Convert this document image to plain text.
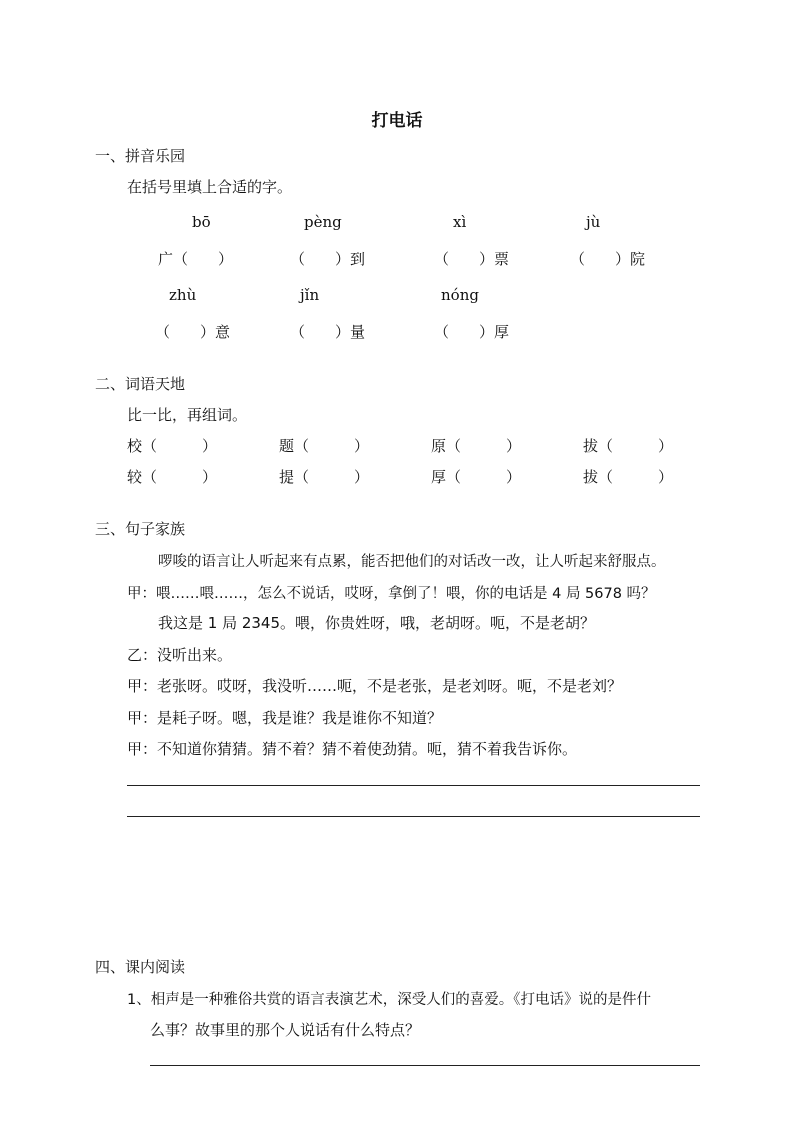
打电话
一、拼音乐园
在括号里填上合适的字。
bō	pèng	xì	jù
广（　　）	（　　）到	（　　）票	（　　）院
zhù	jǐn	nóng
（　　）意	（　　）量	（　　）厚
二、词语天地
比一比，再组词。
校（　　　）	题（　　　）	原（　　　）	拔（　　　）
较（　　　）	提（　　　）	厚（　　　）	拔（　　　）
三、句子家族
啰唆的语言让人听起来有点累，能否把他们的对话改一改，让人听起来舒服点。
甲：喂……喂……，怎么不说话，哎呀，拿倒了！喂，你的电话是 4 局 5678 吗？
我这是 1 局 2345。喂，你贵姓呀，哦，老胡呀。呃，不是老胡？
乙：没听出来。
甲：老张呀。哎呀，我没听……呃，不是老张，是老刘呀。呃，不是老刘？
甲：是耗子呀。嗯，我是谁？我是谁你不知道？
甲：不知道你猜猜。猜不着？猜不着使劲猜。呃，猜不着我告诉你。
四、课内阅读
1、相声是一种雅俗共赏的语言表演艺术，深受人们的喜爱。《打电话》说的是件什
么事？故事里的那个人说话有什么特点？
